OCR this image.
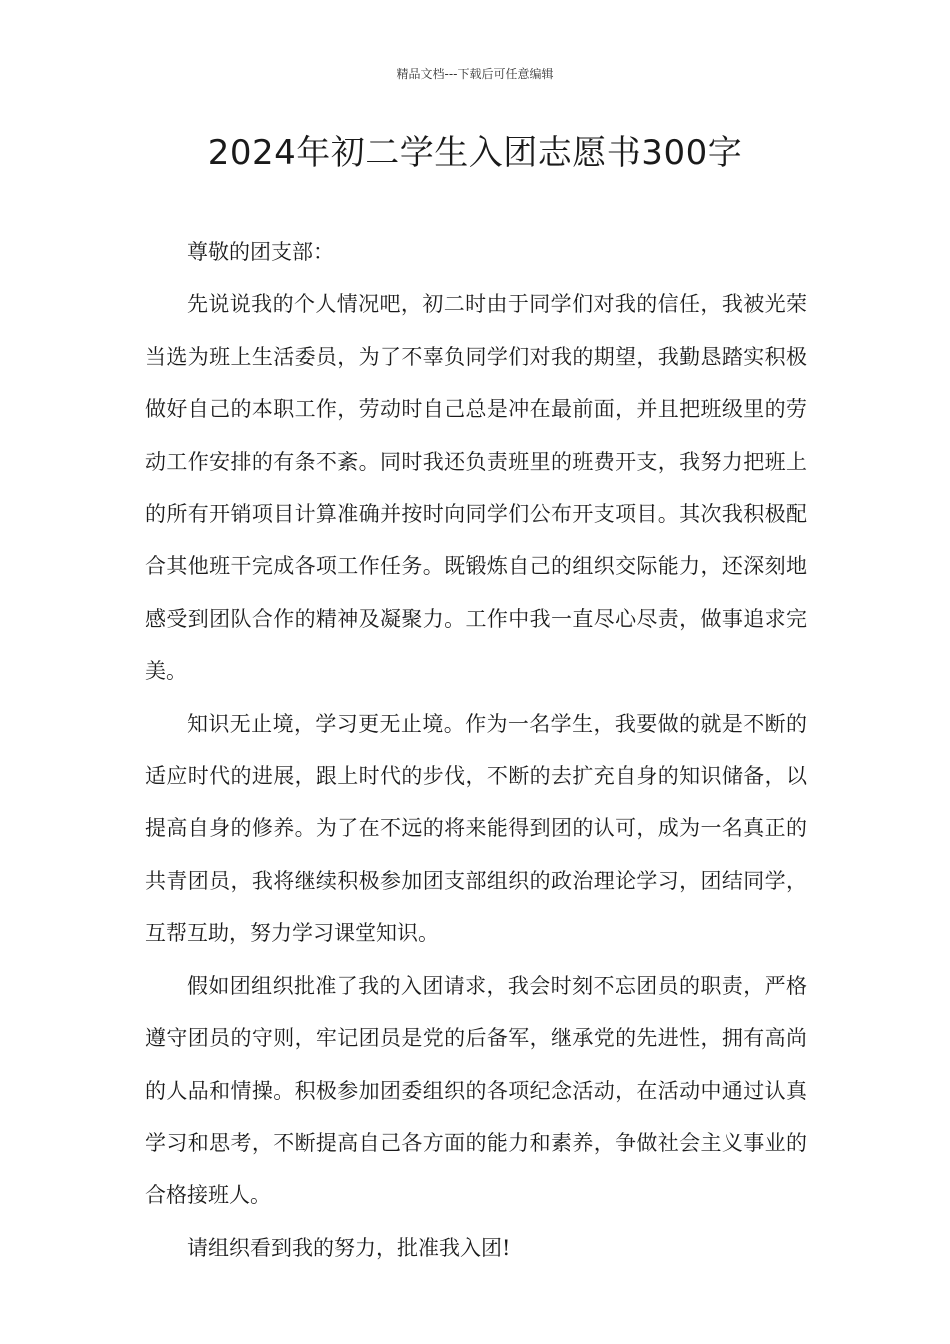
精品文档---下载后可任意编辑
2024年初二学生入团志愿书300字

尊敬的团支部：

先说说我的个人情况吧，初二时由于同学们对我的信任，我被光荣当选为班上生活委员，为了不辜负同学们对我的期望，我勤恳踏实积极做好自己的本职工作，劳动时自己总是冲在最前面，并且把班级里的劳动工作安排的有条不紊。同时我还负责班里的班费开支，我努力把班上的所有开销项目计算准确并按时向同学们公布开支项目。其次我积极配合其他班干完成各项工作任务。既锻炼自己的组织交际能力，还深刻地感受到团队合作的精神及凝聚力。工作中我一直尽心尽责，做事追求完美。

知识无止境，学习更无止境。作为一名学生，我要做的就是不断的适应时代的进展，跟上时代的步伐，不断的去扩充自身的知识储备，以提高自身的修养。为了在不远的将来能得到团的认可，成为一名真正的共青团员，我将继续积极参加团支部组织的政治理论学习，团结同学，互帮互助，努力学习课堂知识。

假如团组织批准了我的入团请求，我会时刻不忘团员的职责，严格遵守团员的守则，牢记团员是党的后备军，继承党的先进性，拥有高尚的人品和情操。积极参加团委组织的各项纪念活动，在活动中通过认真学习和思考，不断提高自己各方面的能力和素养，争做社会主义事业的合格接班人。

请组织看到我的努力，批准我入团!
